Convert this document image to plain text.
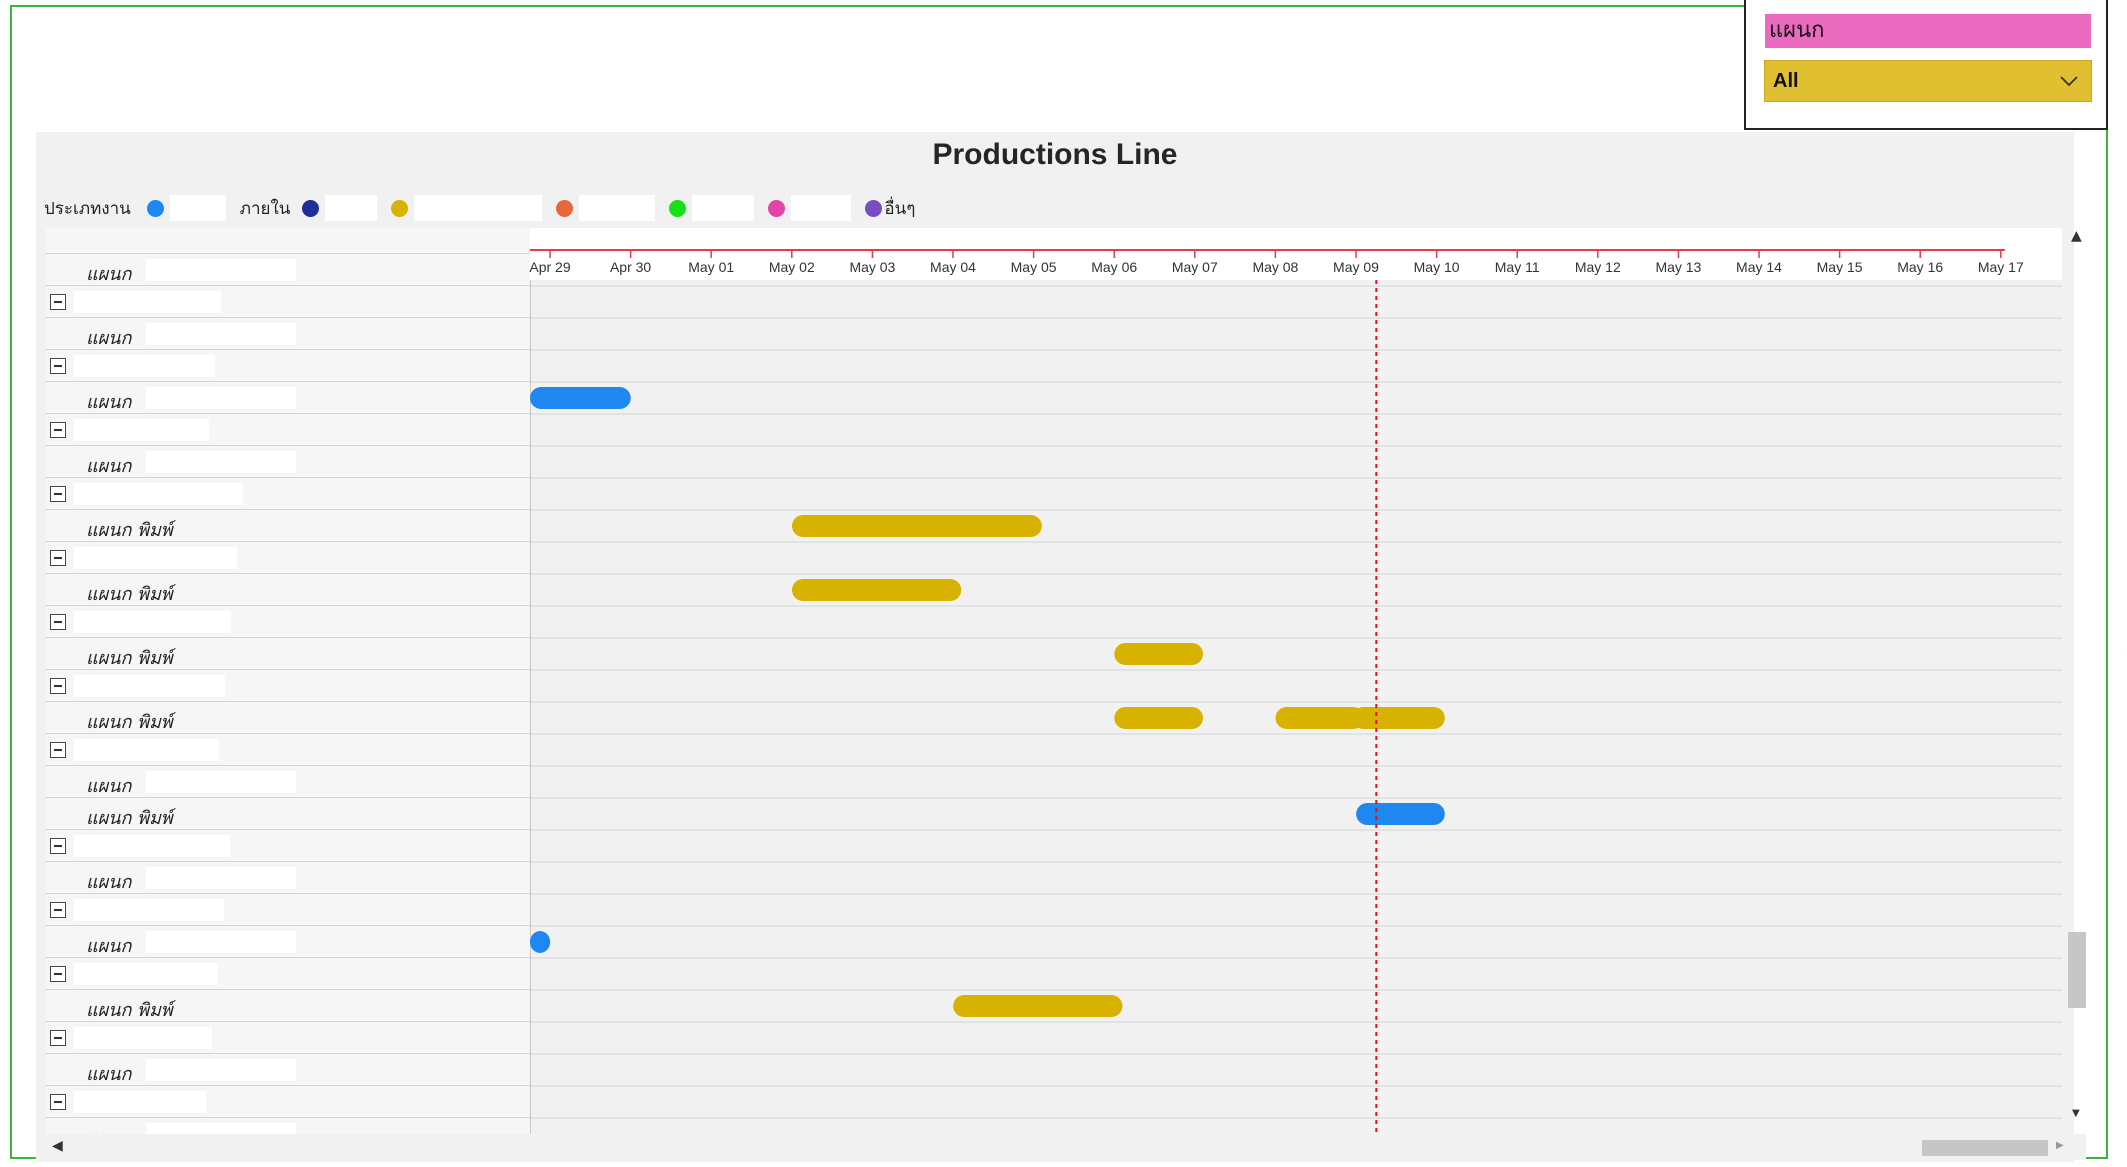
แผนก
All
Productions Line
ประเภทงาน	ภายใน	อื่นๆ
แผนก
แผนก
แผนก
แผนก
แผนก พิมพ์
แผนก พิมพ์
แผนก พิมพ์
แผนก พิมพ์
แผนก
แผนก พิมพ์
แผนก
แผนก
แผนก พิมพ์
แผนก
Apr 29	Apr 30	May 01 May 02 May 03 May 04 May 05 May 06 May 07 May 08 May 09 May 10	May 11	May 12 May 13 May 14 May 15 May 16 May 17
▲
▼
◀	▶
